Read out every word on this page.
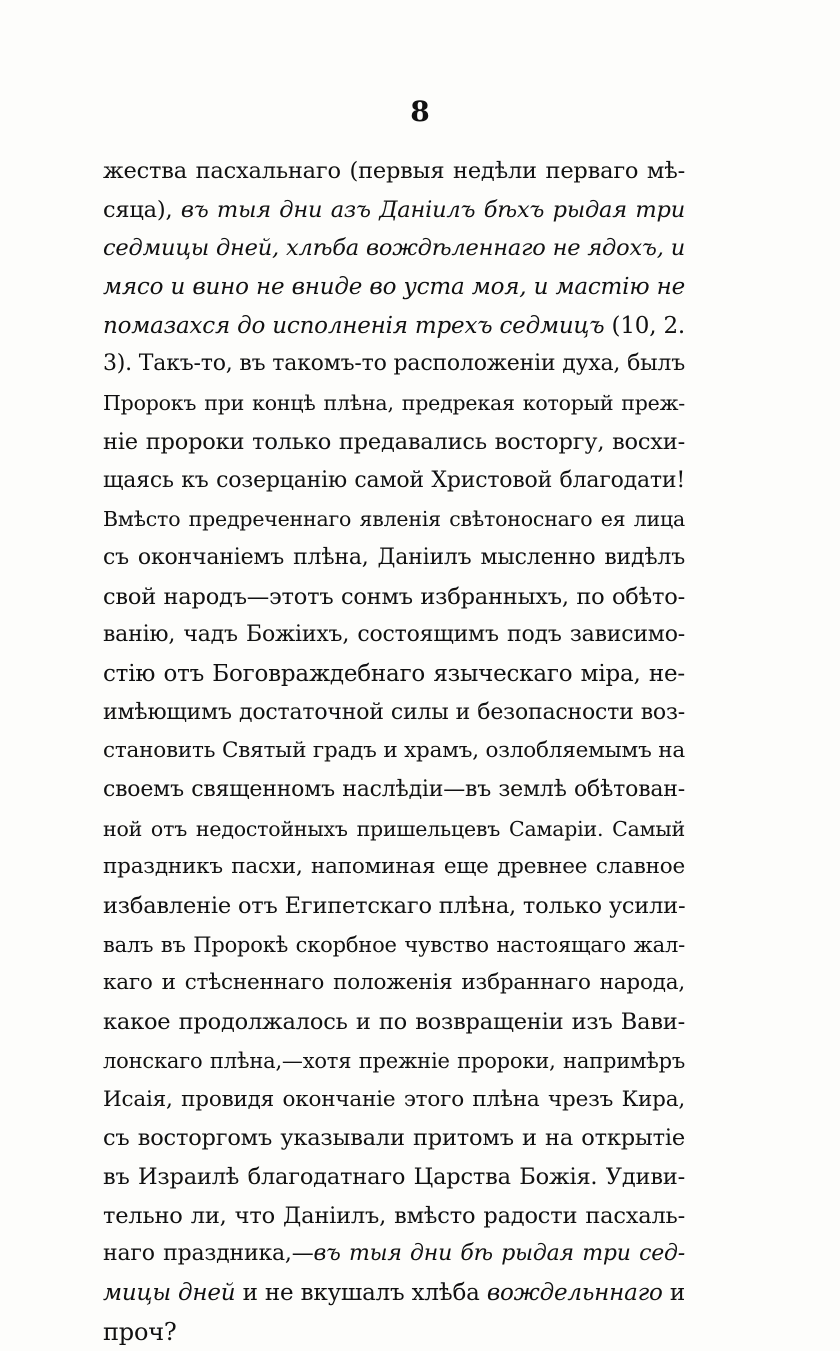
8
жества пасхальнаго (первыя недѣли перваго мѣ-
сяца), въ тыя дни азъ Даніилъ бѣхъ рыдая три
седмицы дней, хлѣба вождѣленнаго не ядохъ, и
мясо и вино не вниде во уста моя, и мастію не
помазахся до исполненія трехъ седмицъ (10, 2.
3). Такъ-то, въ такомъ-то расположеніи духа, былъ
Пророкъ при концѣ плѣна, предрекая который преж-
ніе пророки только предавались восторгу, восхи-
щаясь къ созерцанію самой Христовой благодати!
Вмѣсто предреченнаго явленія свѣтоноснаго ея лица
съ окончаніемъ плѣна, Даніилъ мысленно видѣлъ
свой народъ—этотъ сонмъ избранныхъ, по обѣто-
ванію, чадъ Божіихъ, состоящимъ подъ зависимо-
стію отъ Боговраждебнаго языческаго міра, не-
имѣющимъ достаточной силы и безопасности воз-
становить Святый градъ и храмъ, озлобляемымъ на
своемъ священномъ наслѣдіи—въ землѣ обѣтован-
ной отъ недостойныхъ пришельцевъ Самаріи. Самый
праздникъ пасхи, напоминая еще древнее славное
избавленіе отъ Египетскаго плѣна, только усили-
валъ въ Пророкѣ скорбное чувство настоящаго жал-
каго и стѣсненнаго положенія избраннаго народа,
какое продолжалось и по возвращеніи изъ Вави-
лонскаго плѣна,—хотя прежніе пророки, напримѣръ
Исаія, провидя окончаніе этого плѣна чрезъ Кира,
съ восторгомъ указывали притомъ и на открытіе
въ Израилѣ благодатнаго Царства Божія. Удиви-
тельно ли, что Даніилъ, вмѣсто радости пасхаль-
наго праздника,—въ тыя дни бѣ рыдая три сед-
мицы дней и не вкушалъ хлѣба вождельннаго и
проч?
